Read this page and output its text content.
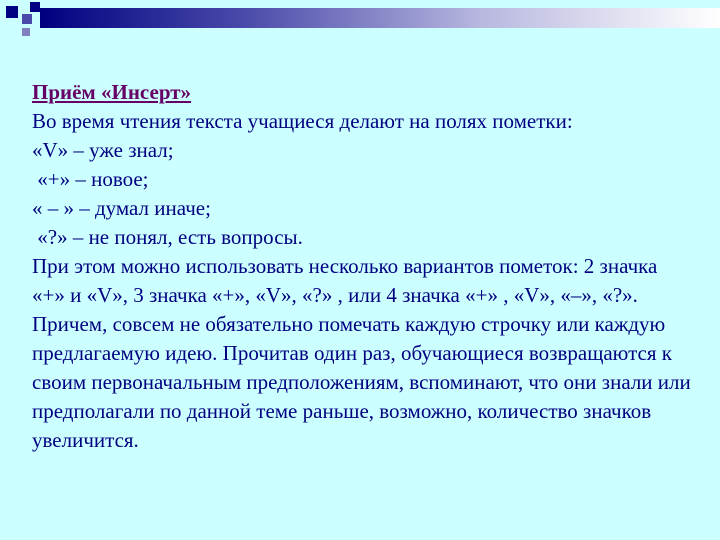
Приём «Инсерт»
Во время чтения текста учащиеся делают на полях пометки:
«V» – уже знал;
«+» – новое;
« – » – думал иначе;
«?» – не понял, есть вопросы.
При этом можно использовать несколько вариантов пометок: 2 значка «+» и «V», 3 значка «+», «V», «?» , или 4 значка «+» , «V», «–», «?». Причем, совсем не обязательно помечать каждую строчку или каждую предлагаемую идею. Прочитав один раз, обучающиеся возвращаются к своим первоначальным предположениям, вспоминают, что они знали или предполагали по данной теме раньше, возможно, количество значков увеличится.
